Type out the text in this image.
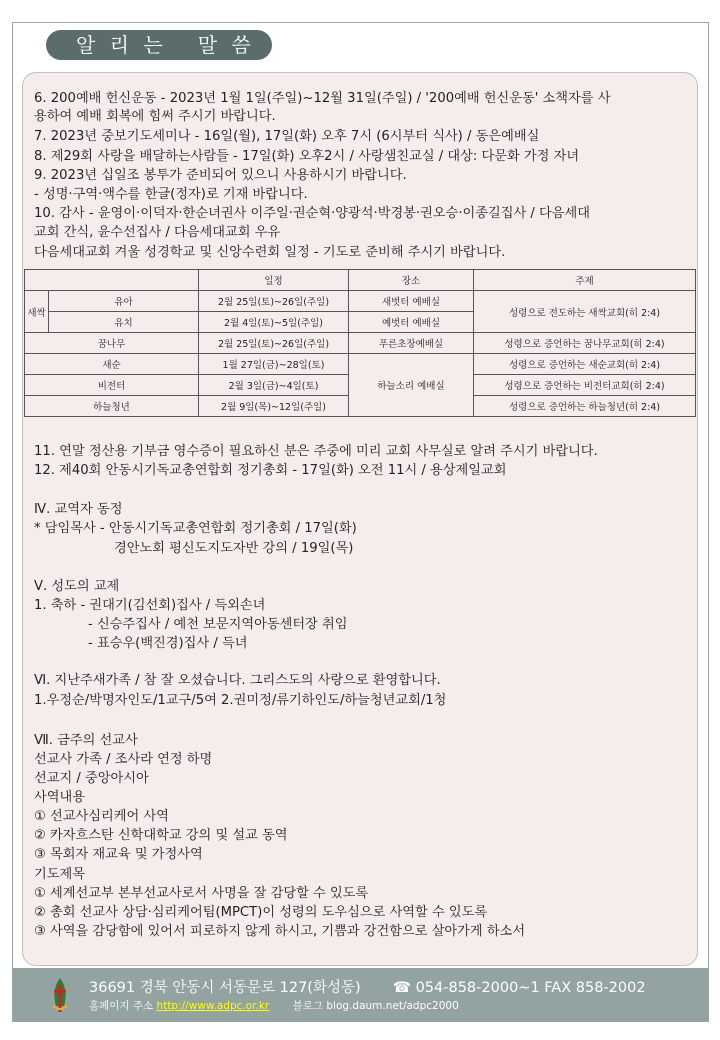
알 리 는   말 씀
6. 200예배 헌신운동 - 2023년 1월 1일(주일)~12월 31일(주일) / '200예배 헌신운동' 소책자를 사
용하여 예배 회복에 힘써 주시기 바랍니다.
7. 2023년 중보기도세미나 - 16일(월), 17일(화) 오후 7시 (6시부터 식사) / 동은예배실
8. 제29회 사랑을 배달하는사람들 - 17일(화) 오후2시 / 사랑샘친교실 / 대상: 다문화 가정 자녀
9. 2023년 십일조 봉투가 준비되어 있으니 사용하시기 바랍니다.
- 성명·구역·액수를 한글(정자)로 기재 바랍니다.
10. 감사 - 윤영이·이덕자·한순녀권사 이주일·권순혁·양광석·박경봉·권오승·이종길집사 / 다음세대
교회 간식, 윤수선집사 / 다음세대교회 우유
다음세대교회 겨울 성경학교 및 신앙수련회 일정 - 기도로 준비해 주시기 바랍니다.
		일정	장소	주제
새싹	유아	2월 25일(토)~26일(주일)	새벗터 예배실	성령으로 전도하는 새싹교회(히 2:4)
	유치	2월 4일(토)~5일(주일)	예벗터 예배실	
꿈나무		2월 25일(토)~26일(주일)	푸른초장예배실	성령으로 증언하는 꿈나무교회(히 2:4)
새순		1월 27일(금)~28일(토)	하늘소리 예배실	성령으로 증언하는 새순교회(히 2:4)
비전터		2월 3일(금)~4일(토)		성령으로 증언하는 비전터교회(히 2:4)
하늘청년		2월 9일(목)~12일(주일)		성령으로 증언하는 하늘청년(히 2:4)
11. 연말 정산용 기부금 영수증이 필요하신 분은 주중에 미리 교회 사무실로 알려 주시기 바랍니다.
12. 제40회 안동시기독교총연합회 정기총회 - 17일(화) 오전 11시 / 용상제일교회
Ⅳ. 교역자 동정
* 담임목사 - 안동시기독교총연합회 정기총회 / 17일(화)
경안노회 평신도지도자반 강의 / 19일(목)
Ⅴ. 성도의 교제
1. 축하 - 권대기(김선회)집사 / 득외손녀
- 신승주집사 / 예천 보문지역아동센터장 취임
- 표승우(백진경)집사 / 득녀
Ⅵ. 지난주새가족 / 참 잘 오셨습니다. 그리스도의 사랑으로 환영합니다.
1.우정순/박명자인도/1교구/5여 2.권미정/류기하인도/하늘청년교회/1청
Ⅶ. 금주의 선교사
선교사 가족 / 조사라 연정 하명
선교지 / 중앙아시아
사역내용
① 선교사심리케어 사역
② 카자흐스탄 신학대학교 강의 및 설교 동역
③ 목회자 재교육 및 가정사역
기도제목
① 세계선교부 본부선교사로서 사명을 잘 감당할 수 있도록
② 총회 선교사 상담·심리케어팀(MPCT)이 성령의 도우심으로 사역할 수 있도록
③ 사역을 감당함에 있어서 피로하지 않게 하시고, 기쁨과 강건함으로 살아가게 하소서
36691 경북 안동시 서동문로 127(화성동) ☎ 054-858-2000~1 FAX 858-2002
홈페이지 주소 http://www.adpc.or.kr 블로그 blog.daum.net/adpc2000
